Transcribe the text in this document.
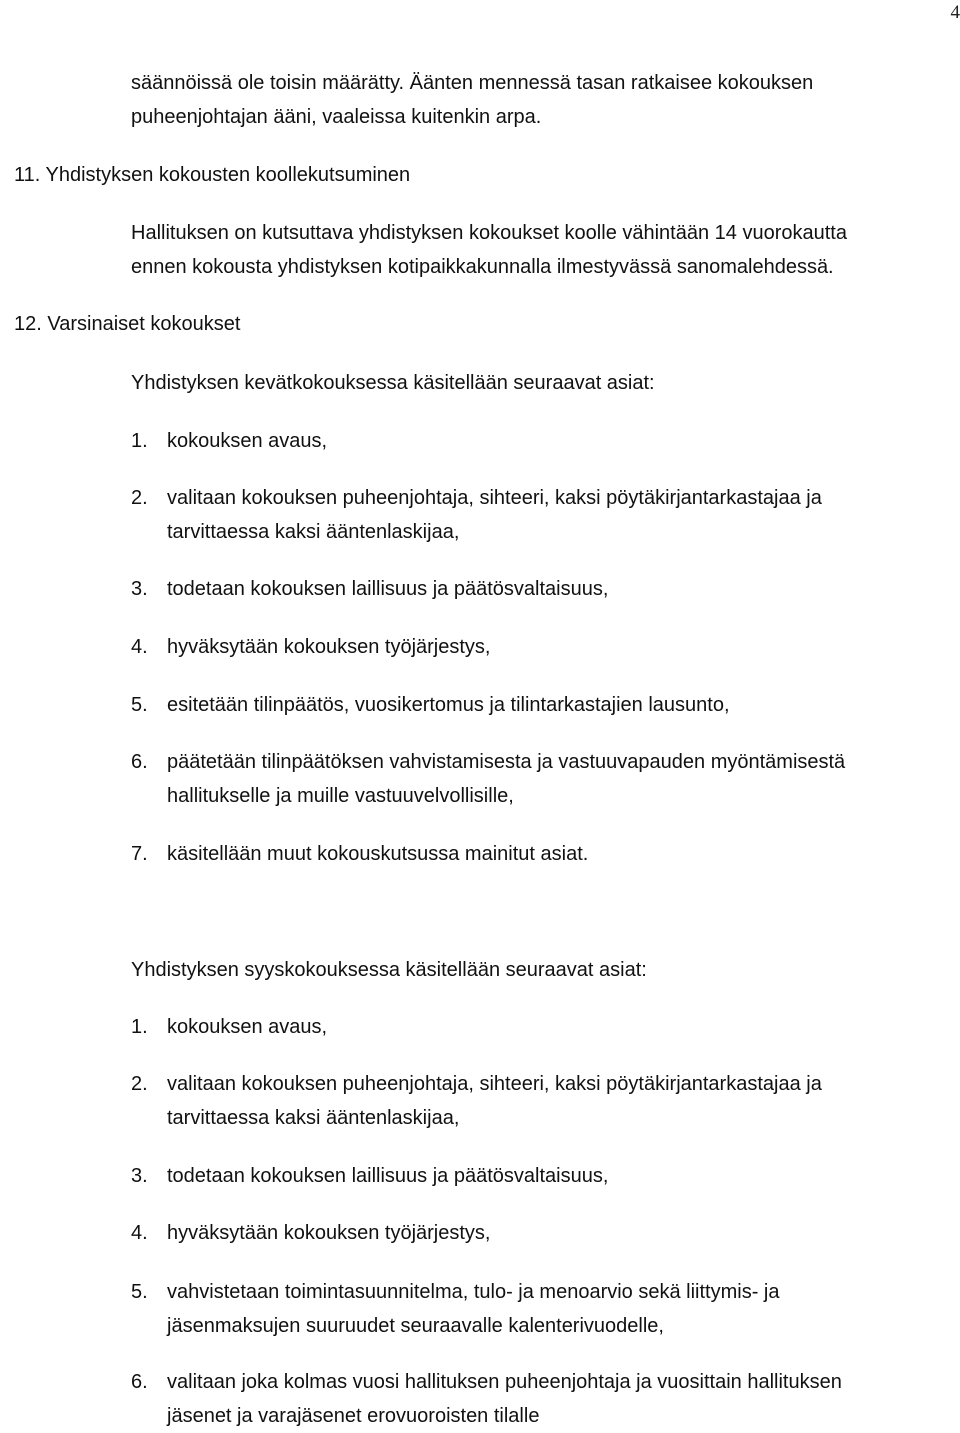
4

säännöissä ole toisin määrätty. Äänten mennessä tasan ratkaisee kokouksen

puheenjohtajan ääni, vaaleissa kuitenkin arpa.

11. Yhdistyksen kokousten koollekutsuminen

Hallituksen on kutsuttava yhdistyksen kokoukset koolle vähintään 14 vuorokautta

ennen kokousta yhdistyksen kotipaikkakunnalla ilmestyvässä sanomalehdessä.

12. Varsinaiset kokoukset

Yhdistyksen kevätkokouksessa käsitellään seuraavat asiat:

1. kokouksen avaus,
2. valitaan kokouksen puheenjohtaja, sihteeri, kaksi pöytäkirjantarkastajaa ja
tarvittaessa kaksi ääntenlaskijaa,
3. todetaan kokouksen laillisuus ja päätösvaltaisuus,
4. hyväksytään kokouksen työjärjestys,
5. esitetään tilinpäätös, vuosikertomus ja tilintarkastajien lausunto,
6. päätetään tilinpäätöksen vahvistamisesta ja vastuuvapauden myöntämisestä
hallitukselle ja muille vastuuvelvollisille,
7. käsitellään muut kokouskutsussa mainitut asiat.

Yhdistyksen syyskokouksessa käsitellään seuraavat asiat:

1. kokouksen avaus,
2. valitaan kokouksen puheenjohtaja, sihteeri, kaksi pöytäkirjantarkastajaa ja
tarvittaessa kaksi ääntenlaskijaa,
3. todetaan kokouksen laillisuus ja päätösvaltaisuus,
4. hyväksytään kokouksen työjärjestys,
5. vahvistetaan toimintasuunnitelma, tulo- ja menoarvio sekä liittymis- ja
jäsenmaksujen suuruudet seuraavalle kalenterivuodelle,
6. valitaan joka kolmas vuosi hallituksen puheenjohtaja ja vuosittain hallituksen
jäsenet ja varajäsenet erovuoroisten tilalle
